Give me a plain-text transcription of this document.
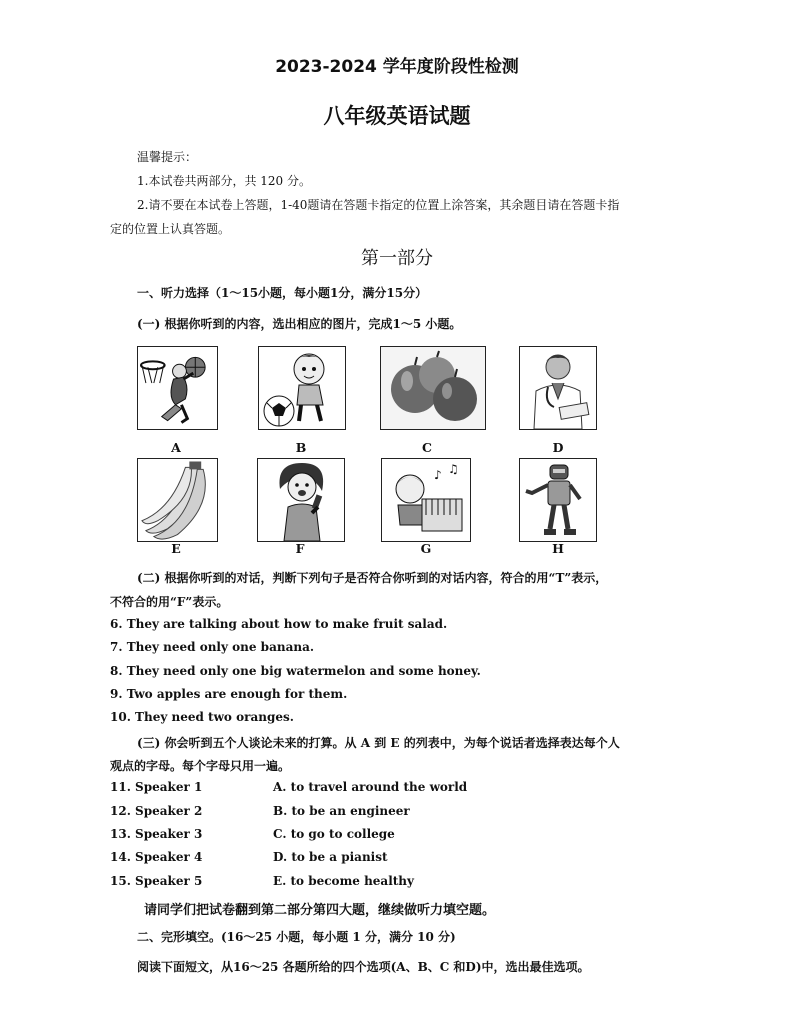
2023-2024 学年度阶段性检测
八年级英语试题
温馨提示：
1.本试卷共两部分，共 120 分。
2.请不要在本试卷上答题，1-40题请在答题卡指定的位置上涂答案，其余题目请在答题卡指
定的位置上认真答题。
第一部分
一、听力选择（1～15小题，每小题1分，满分15分）
(一) 根据你听到的内容，选出相应的图片，完成1～5 小题。
A	B	C	D
♪ ♫
E	F	G	H
(二) 根据你听到的对话，判断下列句子是否符合你听到的对话内容，符合的用“T”表示，
不符合的用“F”表示。
6. They are talking about how to make fruit salad.
7. They need only one banana.
8. They need only one big watermelon and some honey.
9. Two apples are enough for them.
10. They need two oranges.
(三) 你会听到五个人谈论未来的打算。从 A 到 E 的列表中，为每个说话者选择表达每个人
观点的字母。每个字母只用一遍。
11. Speaker 1	A. to travel around the world
12. Speaker 2	B. to be an engineer
13. Speaker 3	C. to go to college
14. Speaker 4	D. to be a pianist
15. Speaker 5	E. to become healthy
请同学们把试卷翻到第二部分第四大题，继续做听力填空题。
二、完形填空。(16～25 小题，每小题 1 分，满分 10 分)
阅读下面短文，从16～25 各题所给的四个选项(A、B、C 和D)中，选出最佳选项。
